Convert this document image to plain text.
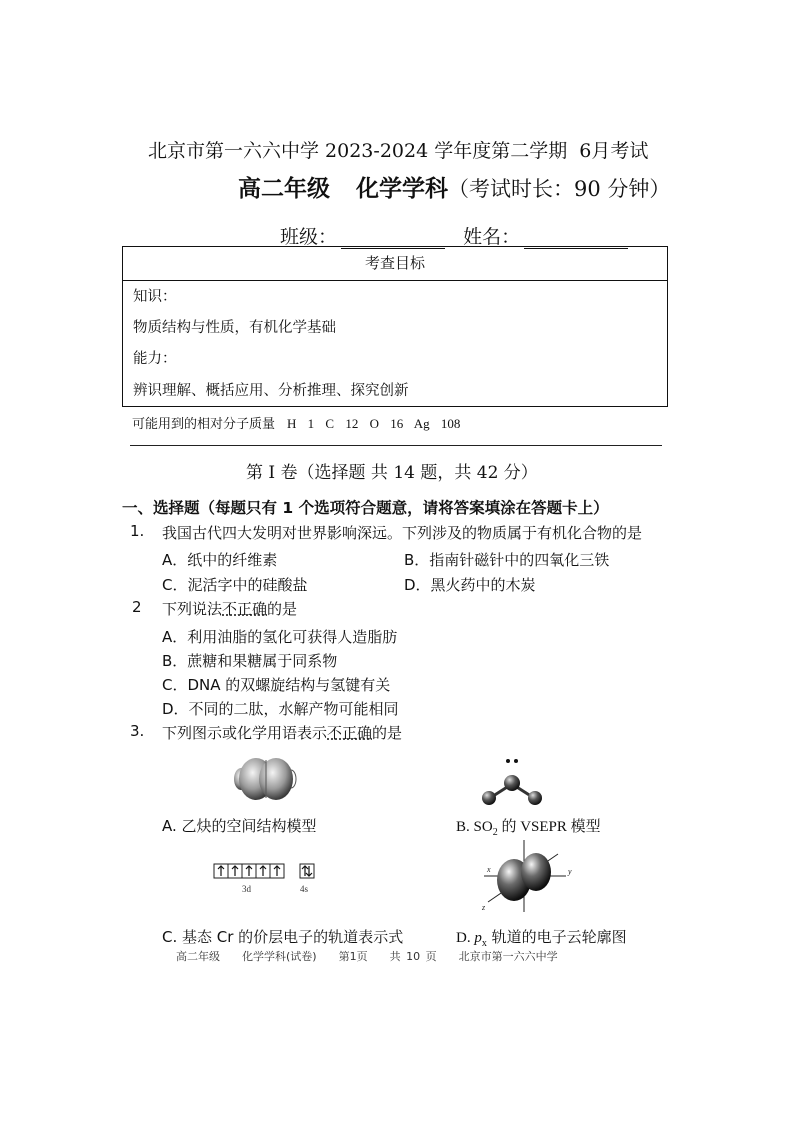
北京市第一六六中学 2023-2024 学年度第二学期 6月考试
高二年级 化学学科（考试时长：90 分钟）
班级：	姓名：
考查目标
知识：
物质结构与性质，有机化学基础
能力：
辨识理解、概括应用、分析推理、探究创新
可能用到的相对分子质量 H 1 C 12 O 16 Ag 108
第 I 卷（选择题 共 14 题，共 42 分）
一、选择题（每题只有 1 个选项符合题意，请将答案填涂在答题卡上）
1. 我国古代四大发明对世界影响深远。下列涉及的物质属于有机化合物的是
A．纸中的纤维素	B．指南针磁针中的四氧化三铁
C．泥活字中的硅酸盐	D．黑火药中的木炭
2 下列说法不正确的是
A．利用油脂的氢化可获得人造脂肪
B．蔗糖和果糖属于同系物
C．DNA 的双螺旋结构与氢键有关
D．不同的二肽，水解产物可能相同
3. 下列图示或化学用语表示不正确的是
A. 乙炔的空间结构模型	B. $SO_2$ 的 VSEPR 模型
3d	4s
y
x
z
C. 基态 Cr 的价层电子的轨道表示式	D. $p_x$ 轨道的电子云轮廓图
高二年级 化学学科(试卷) 第1页 共 10 页 北京市第一六六中学
